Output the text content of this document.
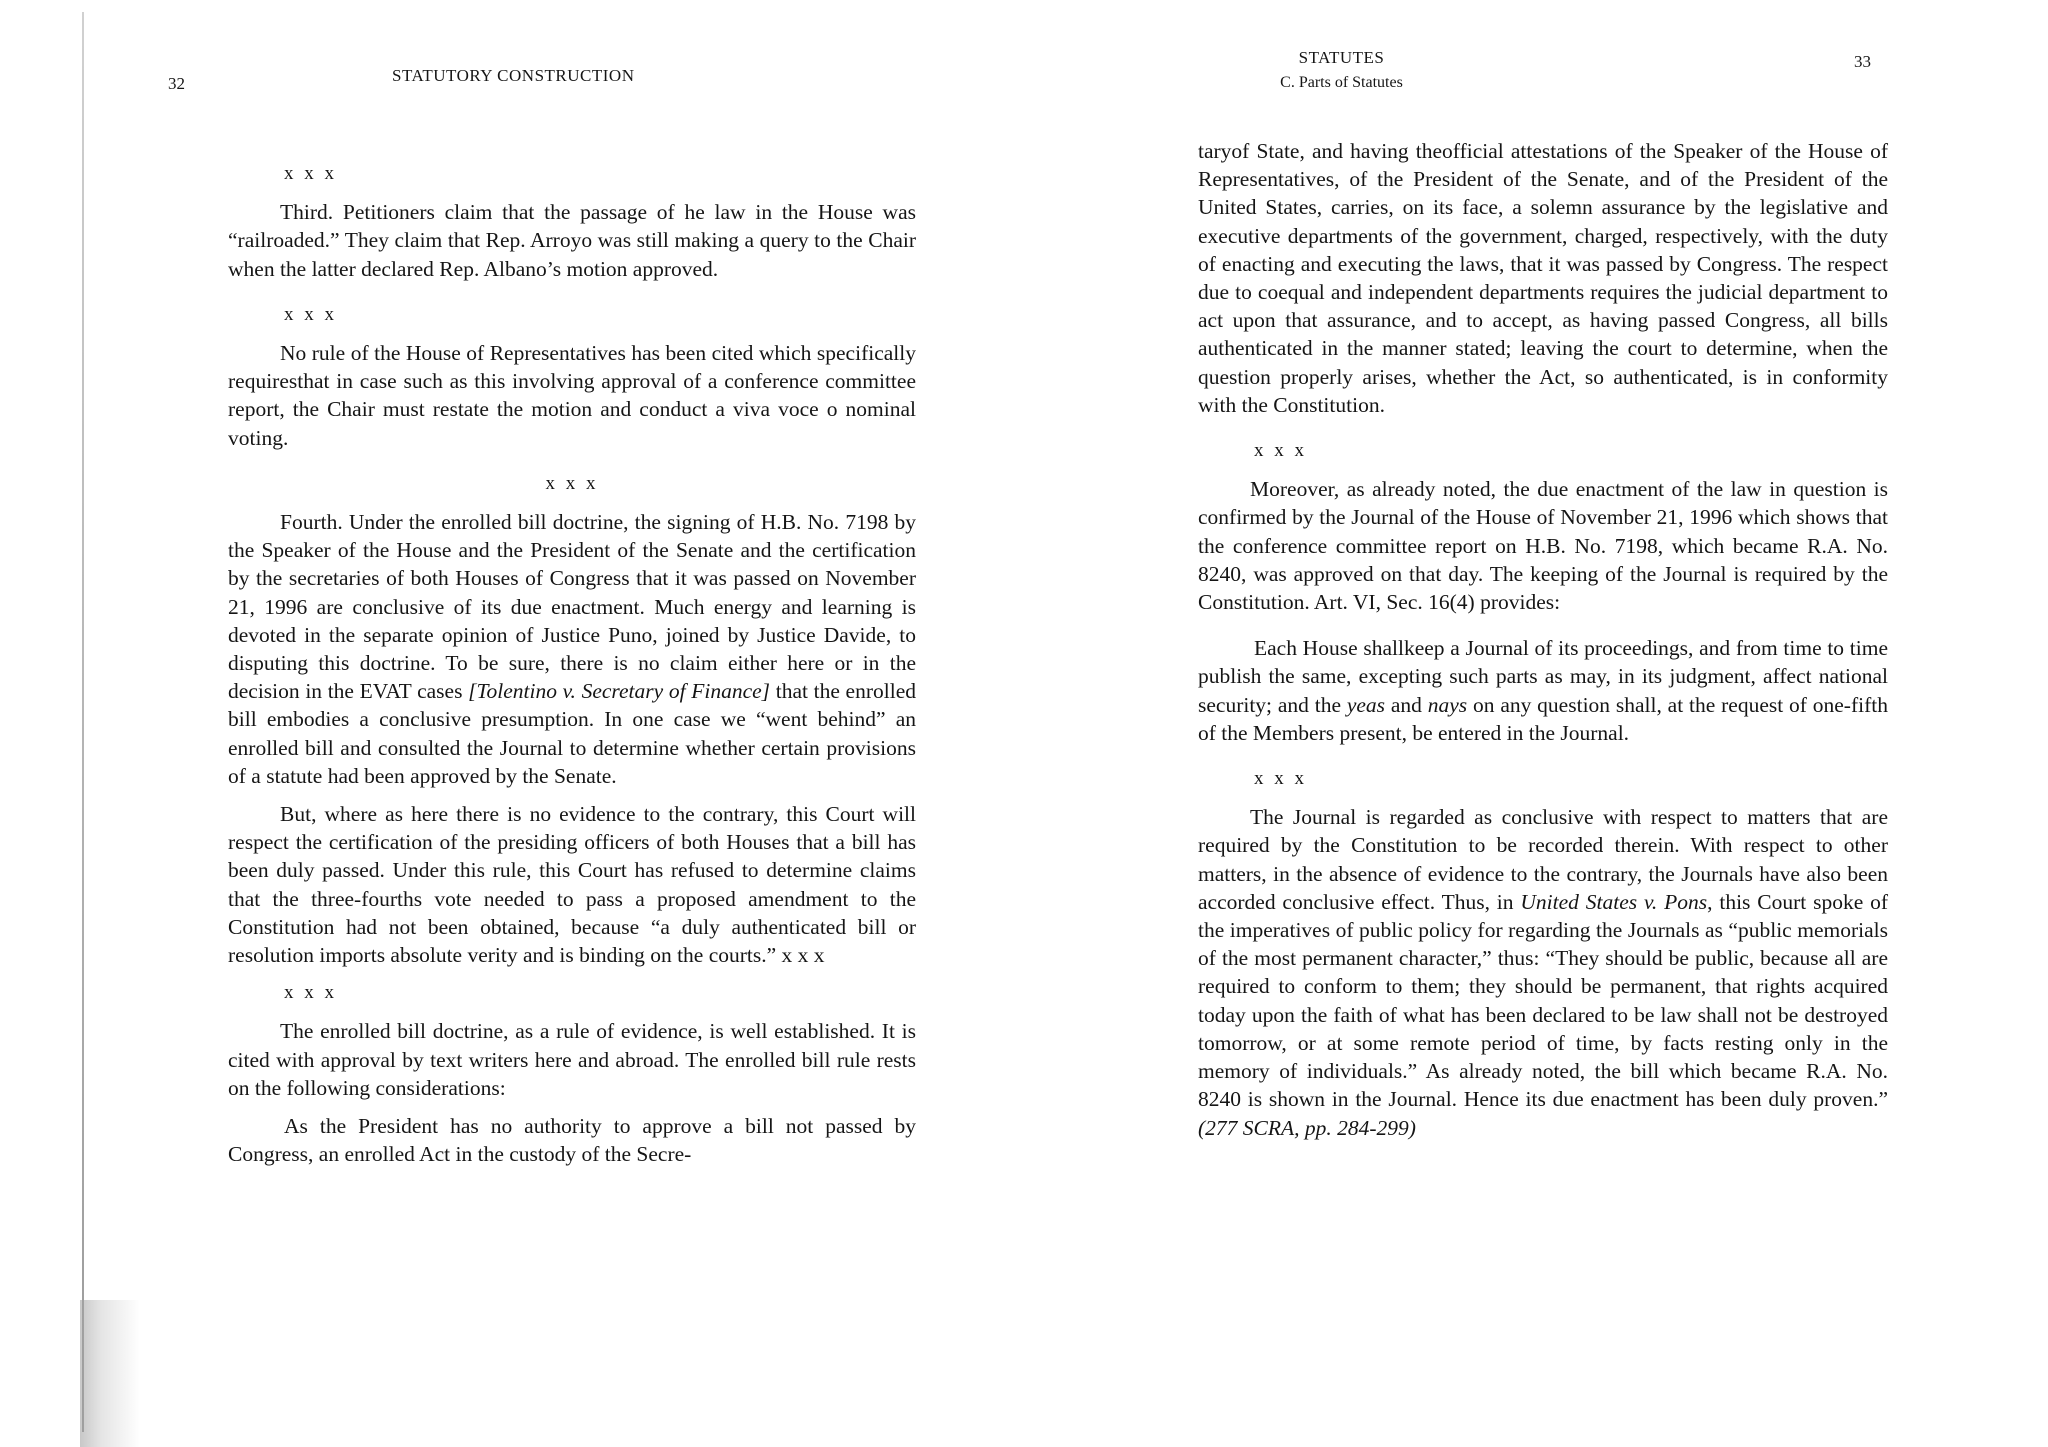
32	STATUTORY CONSTRUCTION

x x x

Third. Petitioners claim that the passage of he law in the House was “railroaded.” They claim that Rep. Arroyo was still making a query to the Chair when the latter declared Rep. Albano’s motion approved.

x x x

No rule of the House of Representatives has been cited which specifically requiresthat in case such as this involving approval of a conference committee report, the Chair must restate the motion and conduct a viva voce o nominal voting.

x x x

Fourth. Under the enrolled bill doctrine, the signing of H.B. No. 7198 by the Speaker of the House and the President of the Senate and the certification by the secretaries of both Houses of Congress that it was passed on November 21, 1996 are conclusive of its due enactment. Much energy and learning is devoted in the separate opinion of Justice Puno, joined by Justice Davide, to disputing this doctrine. To be sure, there is no claim either here or in the decision in the EVAT cases [Tolentino v. Secretary of Finance] that the enrolled bill embodies a conclusive presumption. In one case we “went behind” an enrolled bill and consulted the Journal to determine whether certain provisions of a statute had been approved by the Senate.

But, where as here there is no evidence to the contrary, this Court will respect the certification of the presiding officers of both Houses that a bill has been duly passed. Under this rule, this Court has refused to determine claims that the three-fourths vote needed to pass a proposed amendment to the Constitution had not been obtained, because “a duly authenticated bill or resolution imports absolute verity and is binding on the courts.” x x x

x x x

The enrolled bill doctrine, as a rule of evidence, is well established. It is cited with approval by text writers here and abroad. The enrolled bill rule rests on the following considerations:

As the President has no authority to approve a bill not passed by Congress, an enrolled Act in the custody of the Secre-

STATUTES
C. Parts of Statutes
33

taryof State, and having theofficial attestations of the Speaker of the House of Representatives, of the President of the Senate, and of the President of the United States, carries, on its face, a solemn assurance by the legislative and executive departments of the government, charged, respectively, with the duty of enacting and executing the laws, that it was passed by Congress. The respect due to coequal and independent departments requires the judicial department to act upon that assurance, and to accept, as having passed Congress, all bills authenticated in the manner stated; leaving the court to determine, when the question properly arises, whether the Act, so authenticated, is in conformity with the Constitution.

x x x

Moreover, as already noted, the due enactment of the law in question is confirmed by the Journal of the House of November 21, 1996 which shows that the conference committee report on H.B. No. 7198, which became R.A. No. 8240, was approved on that day. The keeping of the Journal is required by the Constitution. Art. VI, Sec. 16(4) provides:

Each House shallkeep a Journal of its proceedings, and from time to time publish the same, excepting such parts as may, in its judgment, affect national security; and the yeas and nays on any question shall, at the request of one-fifth of the Members present, be entered in the Journal.

x x x

The Journal is regarded as conclusive with respect to matters that are required by the Constitution to be recorded therein. With respect to other matters, in the absence of evidence to the contrary, the Journals have also been accorded conclusive effect. Thus, in United States v. Pons, this Court spoke of the imperatives of public policy for regarding the Journals as “public memorials of the most permanent character,” thus: “They should be public, because all are required to conform to them; they should be permanent, that rights acquired today upon the faith of what has been declared to be law shall not be destroyed tomorrow, or at some remote period of time, by facts resting only in the memory of individuals.” As already noted, the bill which became R.A. No. 8240 is shown in the Journal. Hence its due enactment has been duly proven.” (277 SCRA, pp. 284-299)
